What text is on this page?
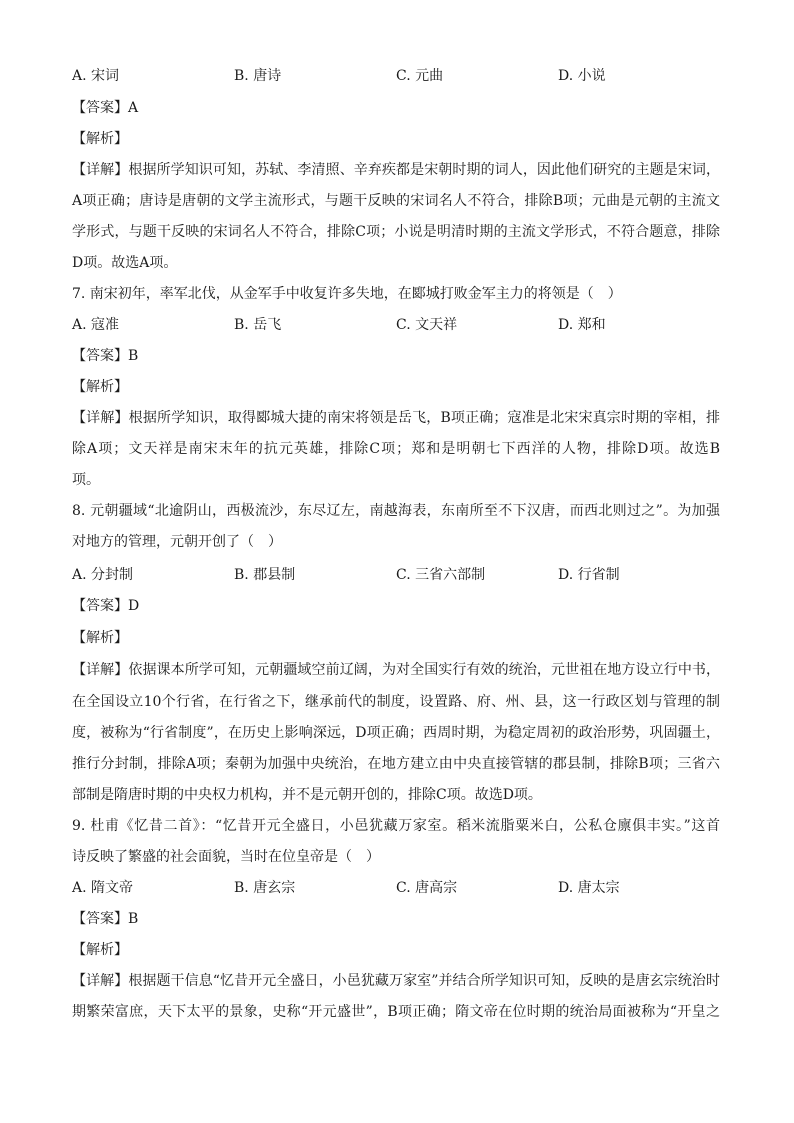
A. 宋词	B. 唐诗	C. 元曲	D. 小说
【答案】A
【解析】
【详解】根据所学知识可知，苏轼、李清照、辛弃疾都是宋朝时期的词人，因此他们研究的主题是宋词，
A项正确；唐诗是唐朝的文学主流形式，与题干反映的宋词名人不符合，排除B项；元曲是元朝的主流文
学形式，与题干反映的宋词名人不符合，排除C项；小说是明清时期的主流文学形式，不符合题意，排除
D项。故选A项。
7. 南宋初年，率军北伐，从金军手中收复许多失地，在郾城打败金军主力的将领是（　）
A. 寇准	B. 岳飞	C. 文天祥	D. 郑和
【答案】B
【解析】
【详解】根据所学知识，取得郾城大捷的南宋将领是岳飞，B项正确；寇准是北宋宋真宗时期的宰相，排
除A项；文天祥是南宋末年的抗元英雄，排除C项；郑和是明朝七下西洋的人物，排除D项。故选B
项。
8. 元朝疆域“北逾阴山，西极流沙，东尽辽左，南越海表，东南所至不下汉唐，而西北则过之”。为加强
对地方的管理，元朝开创了（　）
A. 分封制	B. 郡县制	C. 三省六部制	D. 行省制
【答案】D
【解析】
【详解】依据课本所学可知，元朝疆域空前辽阔，为对全国实行有效的统治，元世祖在地方设立行中书，
在全国设立10个行省，在行省之下，继承前代的制度，设置路、府、州、县，这一行政区划与管理的制
度，被称为“行省制度”，在历史上影响深远，D项正确；西周时期，为稳定周初的政治形势，巩固疆土，
推行分封制，排除A项；秦朝为加强中央统治，在地方建立由中央直接管辖的郡县制，排除B项；三省六
部制是隋唐时期的中央权力机构，并不是元朝开创的，排除C项。故选D项。
9. 杜甫《忆昔二首》：“忆昔开元全盛日，小邑犹藏万家室。稻米流脂粟米白，公私仓廪俱丰实。”这首
诗反映了繁盛的社会面貌，当时在位皇帝是（　）
A. 隋文帝	B. 唐玄宗	C. 唐高宗	D. 唐太宗
【答案】B
【解析】
【详解】根据题干信息“忆昔开元全盛日，小邑犹藏万家室”并结合所学知识可知，反映的是唐玄宗统治时
期繁荣富庶，天下太平的景象，史称“开元盛世”，B项正确；隋文帝在位时期的统治局面被称为“开皇之
